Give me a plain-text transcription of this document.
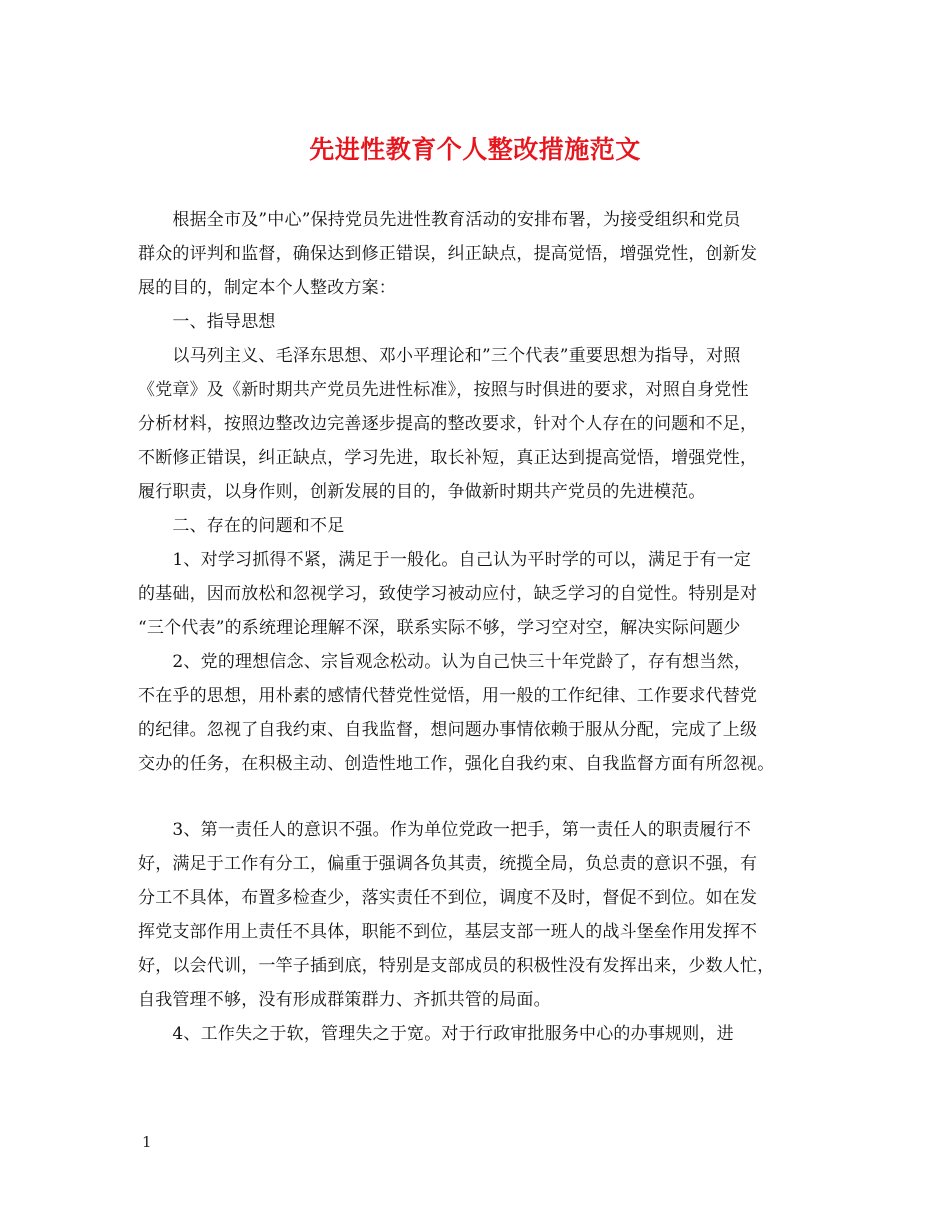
先进性教育个人整改措施范文
　　根据全市及”中心”保持党员先进性教育活动的安排布署，为接受组织和党员
群众的评判和监督，确保达到修正错误，纠正缺点，提高觉悟，增强党性，创新发
展的目的，制定本个人整改方案：
　　一、指导思想
　　以马列主义、毛泽东思想、邓小平理论和”三个代表”重要思想为指导，对照
《党章》及《新时期共产党员先进性标准》，按照与时俱进的要求，对照自身党性
分析材料，按照边整改边完善逐步提高的整改要求，针对个人存在的问题和不足，
不断修正错误，纠正缺点，学习先进，取长补短，真正达到提高觉悟，增强党性，
履行职责，以身作则，创新发展的目的，争做新时期共产党员的先进模范。
　　二、存在的问题和不足
　　1、对学习抓得不紧，满足于一般化。自己认为平时学的可以，满足于有一定
的基础，因而放松和忽视学习，致使学习被动应付，缺乏学习的自觉性。特别是对
“三个代表”的系统理论理解不深，联系实际不够，学习空对空，解决实际问题少
　　2、党的理想信念、宗旨观念松动。认为自己快三十年党龄了，存有想当然，
不在乎的思想，用朴素的感情代替党性觉悟，用一般的工作纪律、工作要求代替党
的纪律。忽视了自我约束、自我监督，想问题办事情依赖于服从分配，完成了上级
交办的任务，在积极主动、创造性地工作，强化自我约束、自我监督方面有所忽视。
　　3、第一责任人的意识不强。作为单位党政一把手，第一责任人的职责履行不
好，满足于工作有分工，偏重于强调各负其责，统揽全局，负总责的意识不强，有
分工不具体，布置多检查少，落实责任不到位，调度不及时，督促不到位。如在发
挥党支部作用上责任不具体，职能不到位，基层支部一班人的战斗堡垒作用发挥不
好，以会代训，一竿子插到底，特别是支部成员的积极性没有发挥出来，少数人忙，
自我管理不够，没有形成群策群力、齐抓共管的局面。
　　4、工作失之于软，管理失之于宽。对于行政审批服务中心的办事规则，进
1
